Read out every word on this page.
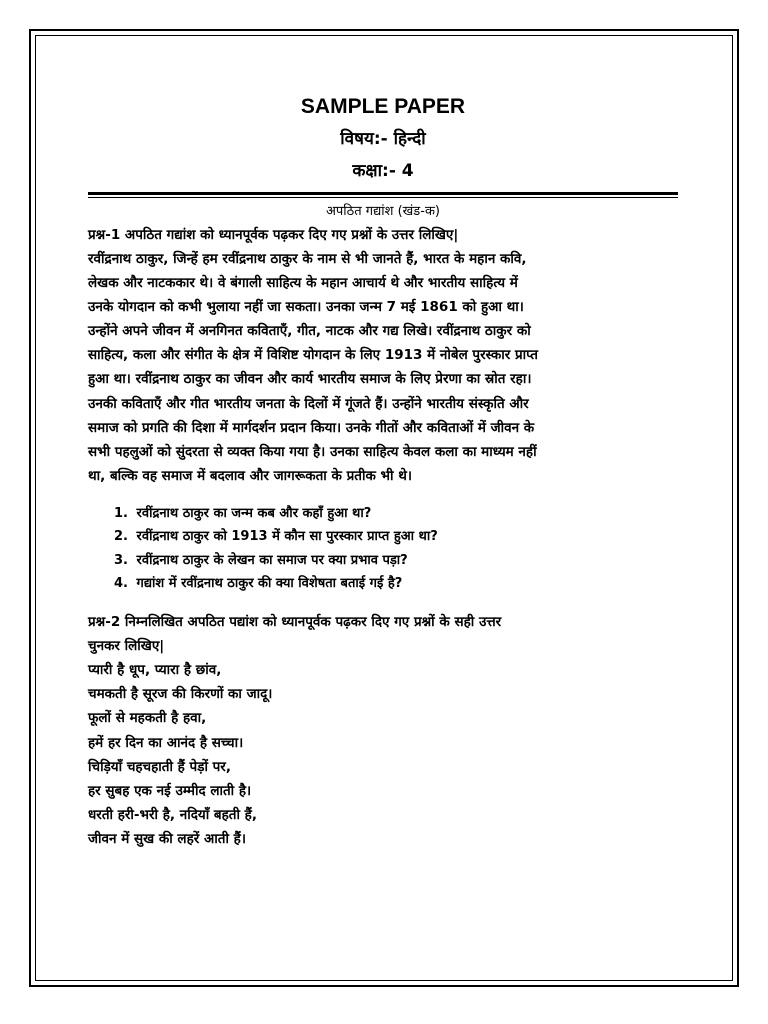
SAMPLE PAPER
विषय:- हिन्दी
कक्षा:- 4
अपठित गद्यांश (खंड-क)
प्रश्न-1 अपठित गद्यांश को ध्यानपूर्वक पढ़कर दिए गए प्रश्नों के उत्तर लिखिए|
रवींद्रनाथ ठाकुर, जिन्हें हम रवींद्रनाथ ठाकुर के नाम से भी जानते हैं, भारत के महान कवि,
लेखक और नाटककार थे। वे बंगाली साहित्य के महान आचार्य थे और भारतीय साहित्य में
उनके योगदान को कभी भुलाया नहीं जा सकता। उनका जन्म 7 मई 1861 को हुआ था।
उन्होंने अपने जीवन में अनगिनत कविताएँ, गीत, नाटक और गद्य लिखे। रवींद्रनाथ ठाकुर को
साहित्य, कला और संगीत के क्षेत्र में विशिष्ट योगदान के लिए 1913 में नोबेल पुरस्कार प्राप्त
हुआ था। रवींद्रनाथ ठाकुर का जीवन और कार्य भारतीय समाज के लिए प्रेरणा का स्रोत रहा।
उनकी कविताएँ और गीत भारतीय जनता के दिलों में गूंजते हैं। उन्होंने भारतीय संस्कृति और
समाज को प्रगति की दिशा में मार्गदर्शन प्रदान किया। उनके गीतों और कविताओं में जीवन के
सभी पहलुओं को सुंदरता से व्यक्त किया गया है। उनका साहित्य केवल कला का माध्यम नहीं
था, बल्कि वह समाज में बदलाव और जागरूकता के प्रतीक भी थे।
1. रवींद्रनाथ ठाकुर का जन्म कब और कहाँ हुआ था?
2. रवींद्रनाथ ठाकुर को 1913 में कौन सा पुरस्कार प्राप्त हुआ था?
3. रवींद्रनाथ ठाकुर के लेखन का समाज पर क्या प्रभाव पड़ा?
4. गद्यांश में रवींद्रनाथ ठाकुर की क्या विशेषता बताई गई है?
प्रश्न-2 निम्नलिखित अपठित पद्यांश को ध्यानपूर्वक पढ़कर दिए गए प्रश्नों के सही उत्तर
चुनकर लिखिए|
प्यारी है धूप, प्यारा है छांव,
चमकती है सूरज की किरणों का जादू।
फूलों से महकती है हवा,
हमें हर दिन का आनंद है सच्चा।
चिड़ियाँ चहचहाती हैं पेड़ों पर,
हर सुबह एक नई उम्मीद लाती है।
धरती हरी-भरी है, नदियाँ बहती हैं,
जीवन में सुख की लहरें आती हैं।
